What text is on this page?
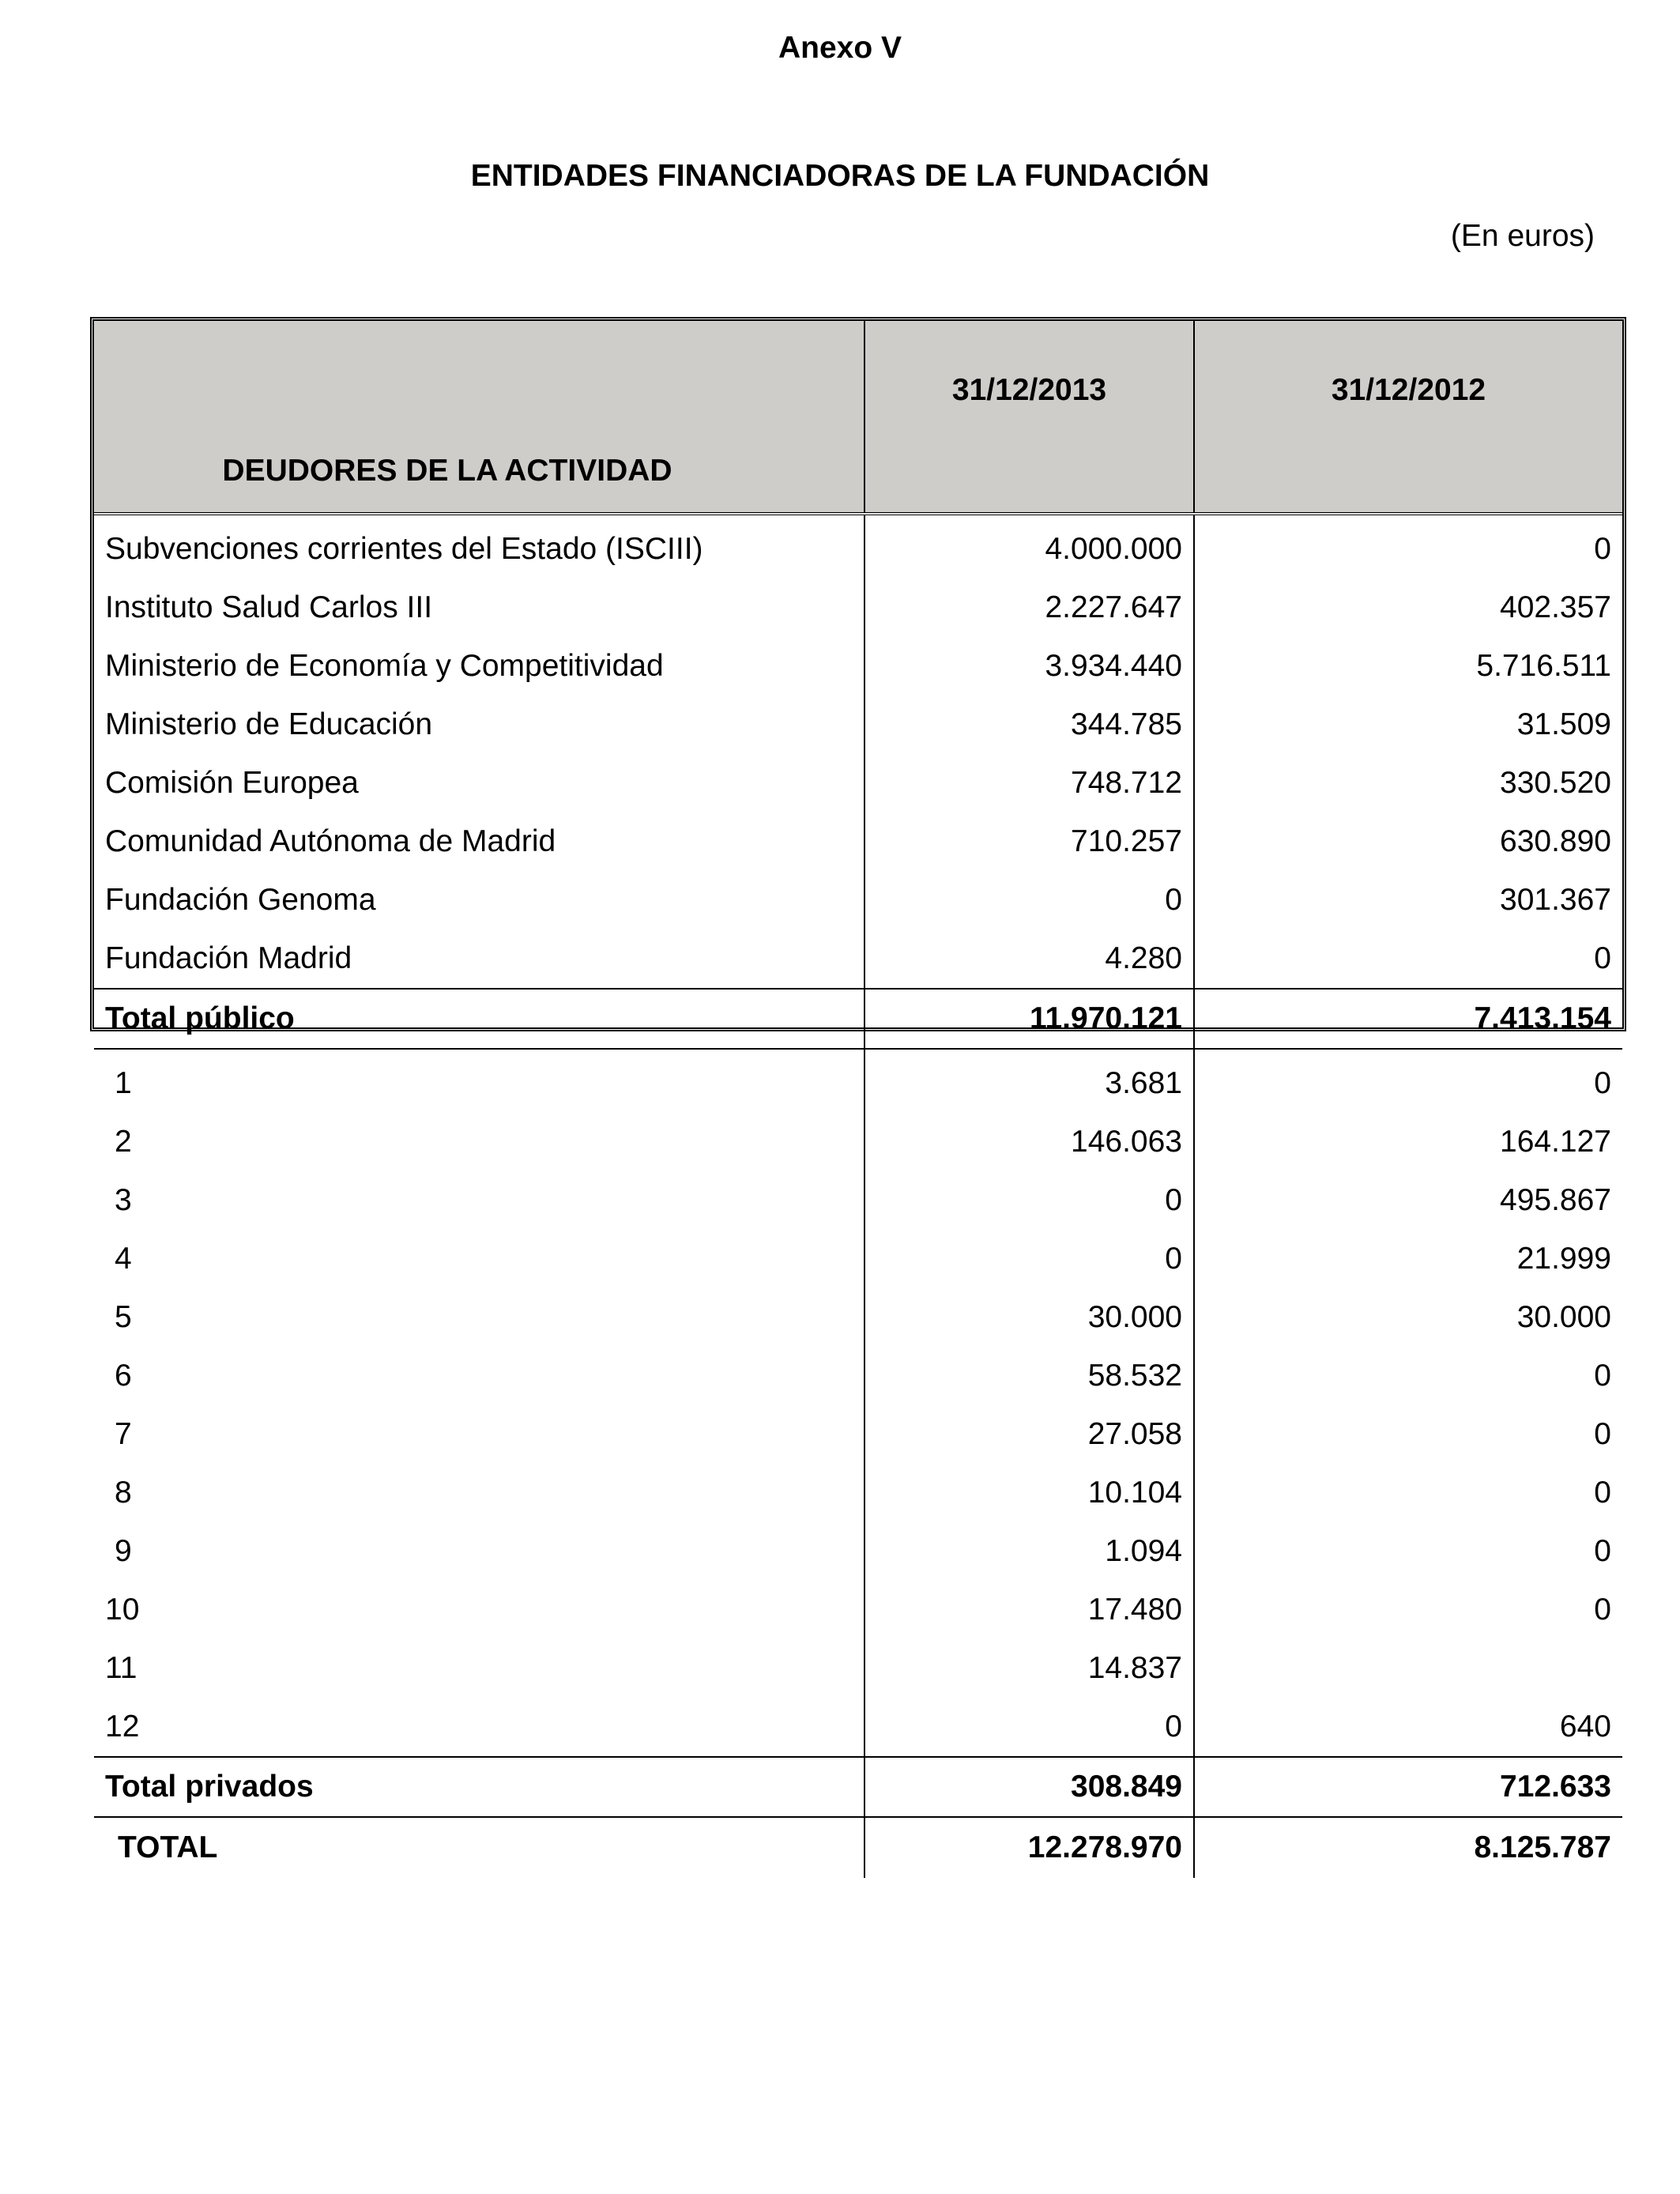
Anexo V
ENTIDADES FINANCIADORAS DE LA FUNDACIÓN
(En euros)
DEUDORES DE LA ACTIVIDAD	31/12/2013	31/12/2012
Subvenciones corrientes del Estado (ISCIII)	4.000.000	0
Instituto Salud Carlos III	2.227.647	402.357
Ministerio de Economía y Competitividad	3.934.440	5.716.511
Ministerio de Educación	344.785	31.509
Comisión Europea	748.712	330.520
Comunidad Autónoma de Madrid	710.257	630.890
Fundación Genoma	0	301.367
Fundación Madrid	4.280	0
Total público	11.970.121	7.413.154
1	3.681	0
2	146.063	164.127
3	0	495.867
4	0	21.999
5	30.000	30.000
6	58.532	0
7	27.058	0
8	10.104	0
9	1.094	0
10	17.480	0
11	14.837	
12	0	640
Total privados	308.849	712.633
TOTAL	12.278.970	8.125.787
